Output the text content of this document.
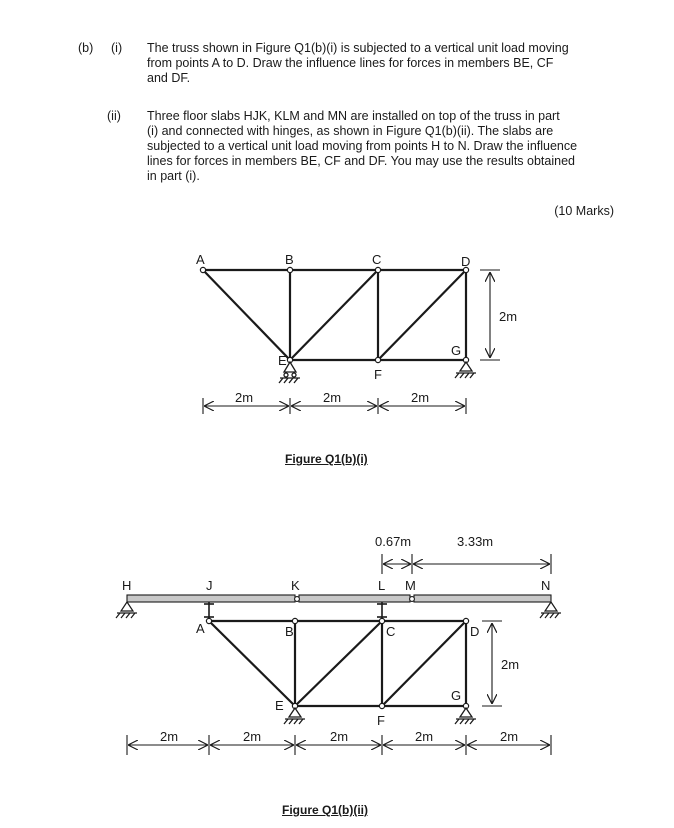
(b) (i) The truss shown in Figure Q1(b)(i) is subjected to a vertical unit load moving
from points A to D. Draw the influence lines for forces in members BE, CF
and DF.
(ii) Three floor slabs HJK, KLM and MN are installed on top of the truss in part
(i) and connected with hinges, as shown in Figure Q1(b)(ii). The slabs are
subjected to a vertical unit load moving from points H to N. Draw the influence
lines for forces in members BE, CF and DF. You may use the results obtained
in part (i).
(10 Marks)
A	B	C	D
E
F
G
2m
2m	2m	2m
H	J	K	L M	N
A	B	C	D
E
F
G
0.67m	3.33m
2m
2m	2m	2m	2m	2m
Figure Q1(b)(i)
Figure Q1(b)(ii)
